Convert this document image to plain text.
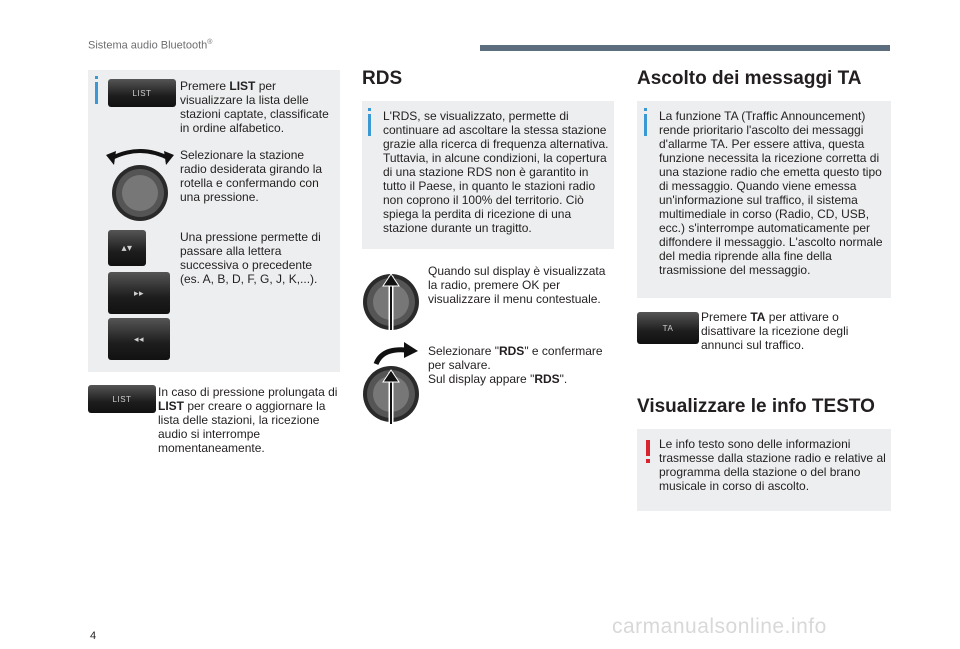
Sistema audio Bluetooth®
LIST Premere LIST per visualizzare la lista delle stazioni captate, classificate in ordine alfabetico.
Selezionare la stazione radio desiderata girando la rotella e confermando con una pressione.
▴▾
▸▸
◂◂
Una pressione permette di passare alla lettera successiva o precedente (es. A, B, D, F, G, J, K,...).
LIST In caso di pressione prolungata di LIST per creare o aggiornare la lista delle stazioni, la ricezione audio si interrompe momentaneamente.
RDS
L'RDS, se visualizzato, permette di continuare ad ascoltare la stessa stazione grazie alla ricerca di frequenza alternativa. Tuttavia, in alcune condizioni, la copertura di una stazione RDS non è garantito in tutto il Paese, in quanto le stazioni radio non coprono il 100% del territorio. Ciò spiega la perdita di ricezione di una stazione durante un tragitto.
Quando sul display è visualizzata la radio, premere OK per visualizzare il menu contestuale.
Selezionare "RDS" e confermare per salvare.
Sul display appare "RDS".
Ascolto dei messaggi TA
La funzione TA (Traffic Announcement) rende prioritario l'ascolto dei messaggi d'allarme TA. Per essere attiva, questa funzione necessita la ricezione corretta di una stazione radio che emetta questo tipo di messaggio. Quando viene emessa un'informazione sul traffico, il sistema multimediale in corso (Radio, CD, USB, ecc.) s'interrompe automaticamente per diffondere il messaggio. L'ascolto normale del media riprende alla fine della trasmissione del messaggio.
TA
Premere TA per attivare o disattivare la ricezione degli annunci sul traffico.
Visualizzare le info TESTO
Le info testo sono delle informazioni trasmesse dalla stazione radio e relative al programma della stazione o del brano musicale in corso di ascolto.
4	carmanualsonline.info
